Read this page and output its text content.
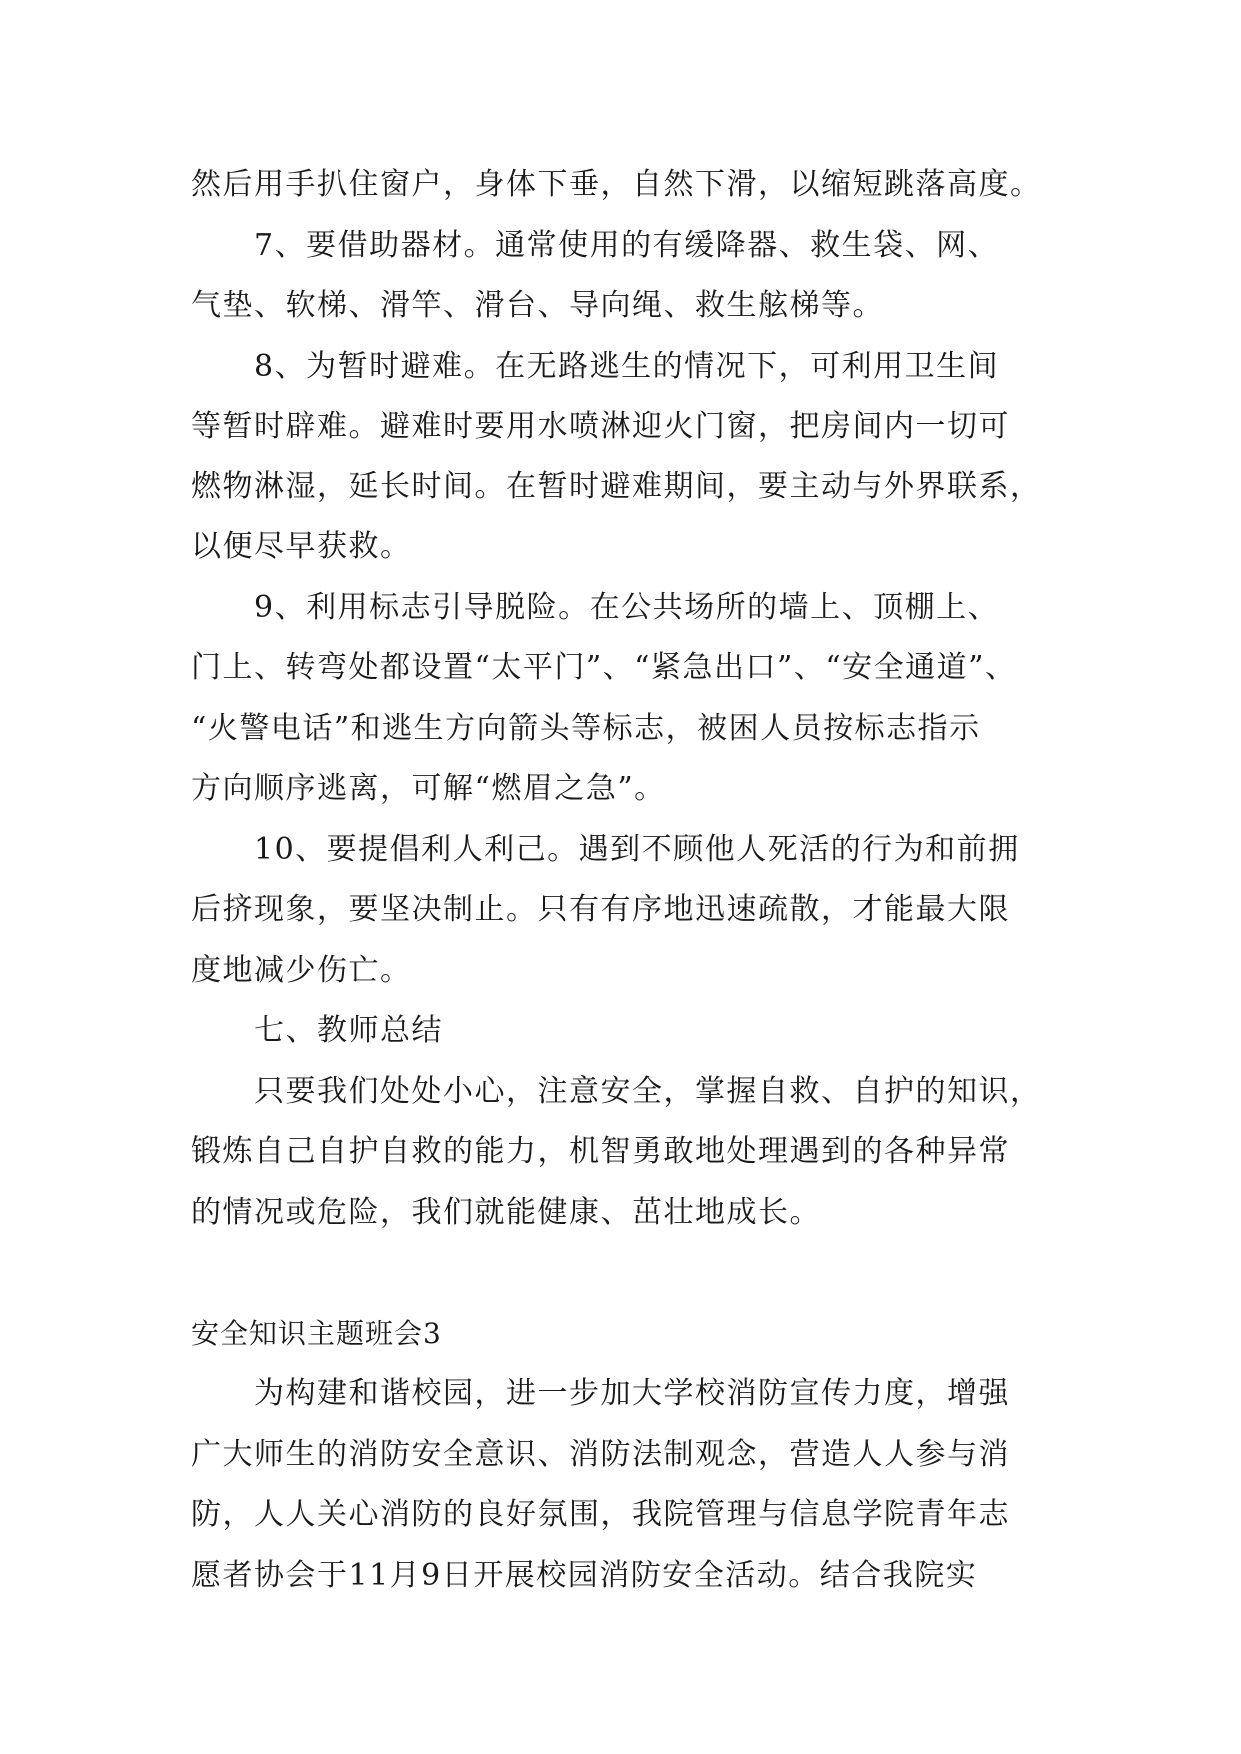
然后用手扒住窗户，身体下垂，自然下滑，以缩短跳落高度。
7、要借助器材。通常使用的有缓降器、救生袋、网、
气垫、软梯、滑竿、滑台、导向绳、救生舷梯等。
8、为暂时避难。在无路逃生的情况下，可利用卫生间
等暂时辟难。避难时要用水喷淋迎火门窗，把房间内一切可
燃物淋湿，延长时间。在暂时避难期间，要主动与外界联系，
以便尽早获救。
9、利用标志引导脱险。在公共场所的墙上、顶棚上、
门上、转弯处都设置“太平门”、“紧急出口”、“安全通道”、
“火警电话”和逃生方向箭头等标志，被困人员按标志指示
方向顺序逃离，可解“燃眉之急”。
10、要提倡利人利己。遇到不顾他人死活的行为和前拥
后挤现象，要坚决制止。只有有序地迅速疏散，才能最大限
度地减少伤亡。
七、教师总结
只要我们处处小心，注意安全，掌握自救、自护的知识，
锻炼自己自护自救的能力，机智勇敢地处理遇到的各种异常
的情况或危险，我们就能健康、茁壮地成长。
安全知识主题班会3
为构建和谐校园，进一步加大学校消防宣传力度，增强
广大师生的消防安全意识、消防法制观念，营造人人参与消
防，人人关心消防的良好氛围，我院管理与信息学院青年志
愿者协会于11月9日开展校园消防安全活动。结合我院实
